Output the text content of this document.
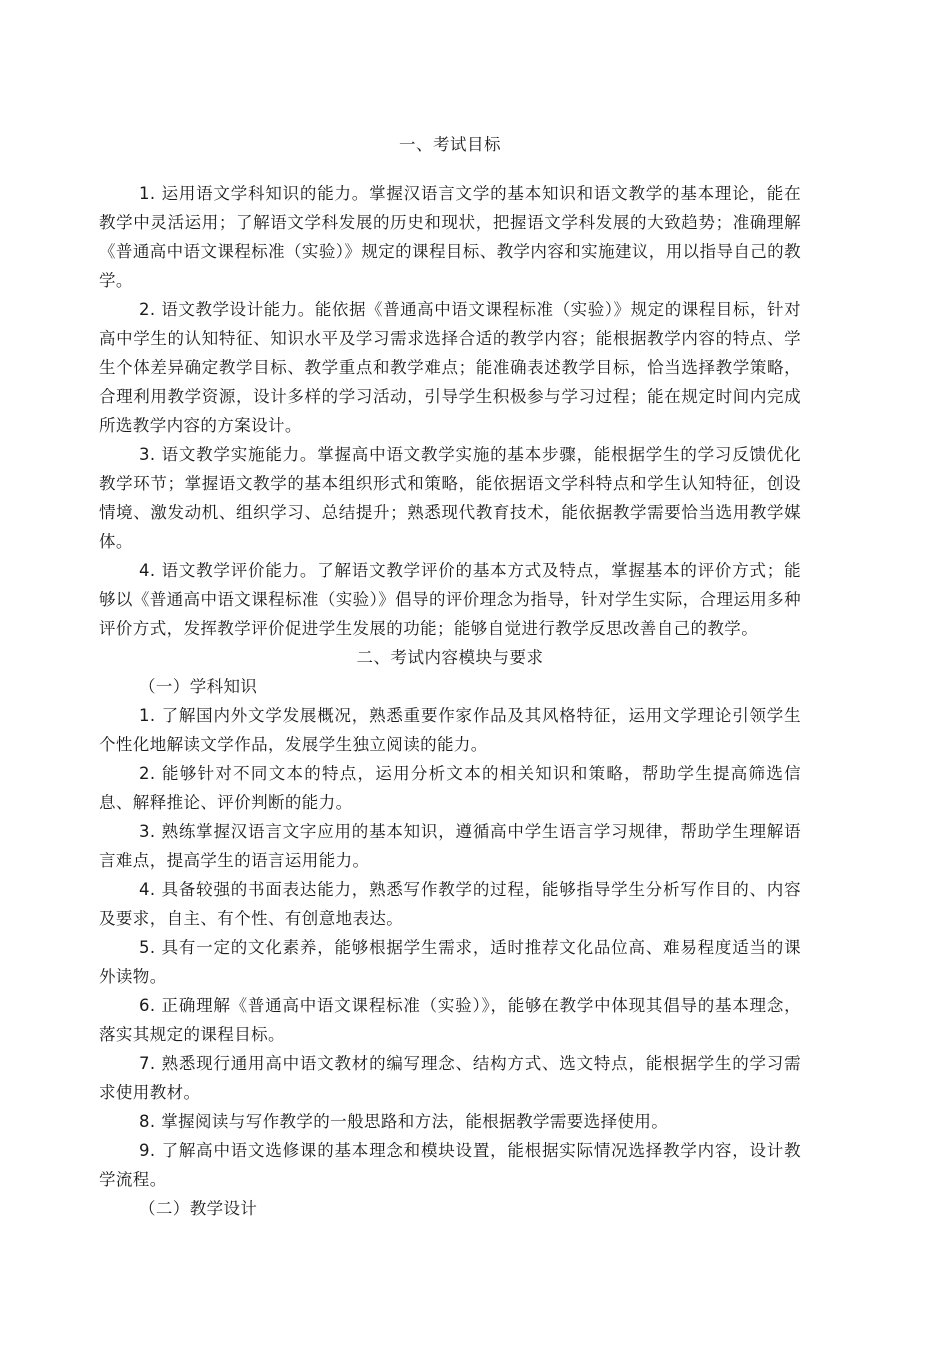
一、考试目标

1. 运用语文学科知识的能力。掌握汉语言文学的基本知识和语文教学的基本理论，能在教学中灵活运用；了解语文学科发展的历史和现状，把握语文学科发展的大致趋势；准确理解《普通高中语文课程标准（实验）》规定的课程目标、教学内容和实施建议，用以指导自己的教学。

2. 语文教学设计能力。能依据《普通高中语文课程标准（实验）》规定的课程目标，针对高中学生的认知特征、知识水平及学习需求选择合适的教学内容；能根据教学内容的特点、学生个体差异确定教学目标、教学重点和教学难点；能准确表述教学目标，恰当选择教学策略，合理利用教学资源，设计多样的学习活动，引导学生积极参与学习过程；能在规定时间内完成所选教学内容的方案设计。

3. 语文教学实施能力。掌握高中语文教学实施的基本步骤，能根据学生的学习反馈优化教学环节；掌握语文教学的基本组织形式和策略，能依据语文学科特点和学生认知特征，创设情境、激发动机、组织学习、总结提升；熟悉现代教育技术，能依据教学需要恰当选用教学媒体。

4. 语文教学评价能力。了解语文教学评价的基本方式及特点，掌握基本的评价方式；能够以《普通高中语文课程标准（实验）》倡导的评价理念为指导，针对学生实际，合理运用多种评价方式，发挥教学评价促进学生发展的功能；能够自觉进行教学反思改善自己的教学。

二、考试内容模块与要求

（一）学科知识

1. 了解国内外文学发展概况，熟悉重要作家作品及其风格特征，运用文学理论引领学生个性化地解读文学作品，发展学生独立阅读的能力。

2. 能够针对不同文本的特点，运用分析文本的相关知识和策略，帮助学生提高筛选信息、解释推论、评价判断的能力。

3. 熟练掌握汉语言文字应用的基本知识，遵循高中学生语言学习规律，帮助学生理解语言难点，提高学生的语言运用能力。

4. 具备较强的书面表达能力，熟悉写作教学的过程，能够指导学生分析写作目的、内容及要求，自主、有个性、有创意地表达。

5. 具有一定的文化素养，能够根据学生需求，适时推荐文化品位高、难易程度适当的课外读物。

6. 正确理解《普通高中语文课程标准（实验）》，能够在教学中体现其倡导的基本理念，落实其规定的课程目标。

7. 熟悉现行通用高中语文教材的编写理念、结构方式、选文特点，能根据学生的学习需求使用教材。

8. 掌握阅读与写作教学的一般思路和方法，能根据教学需要选择使用。

9. 了解高中语文选修课的基本理念和模块设置，能根据实际情况选择教学内容，设计教学流程。

（二）教学设计
